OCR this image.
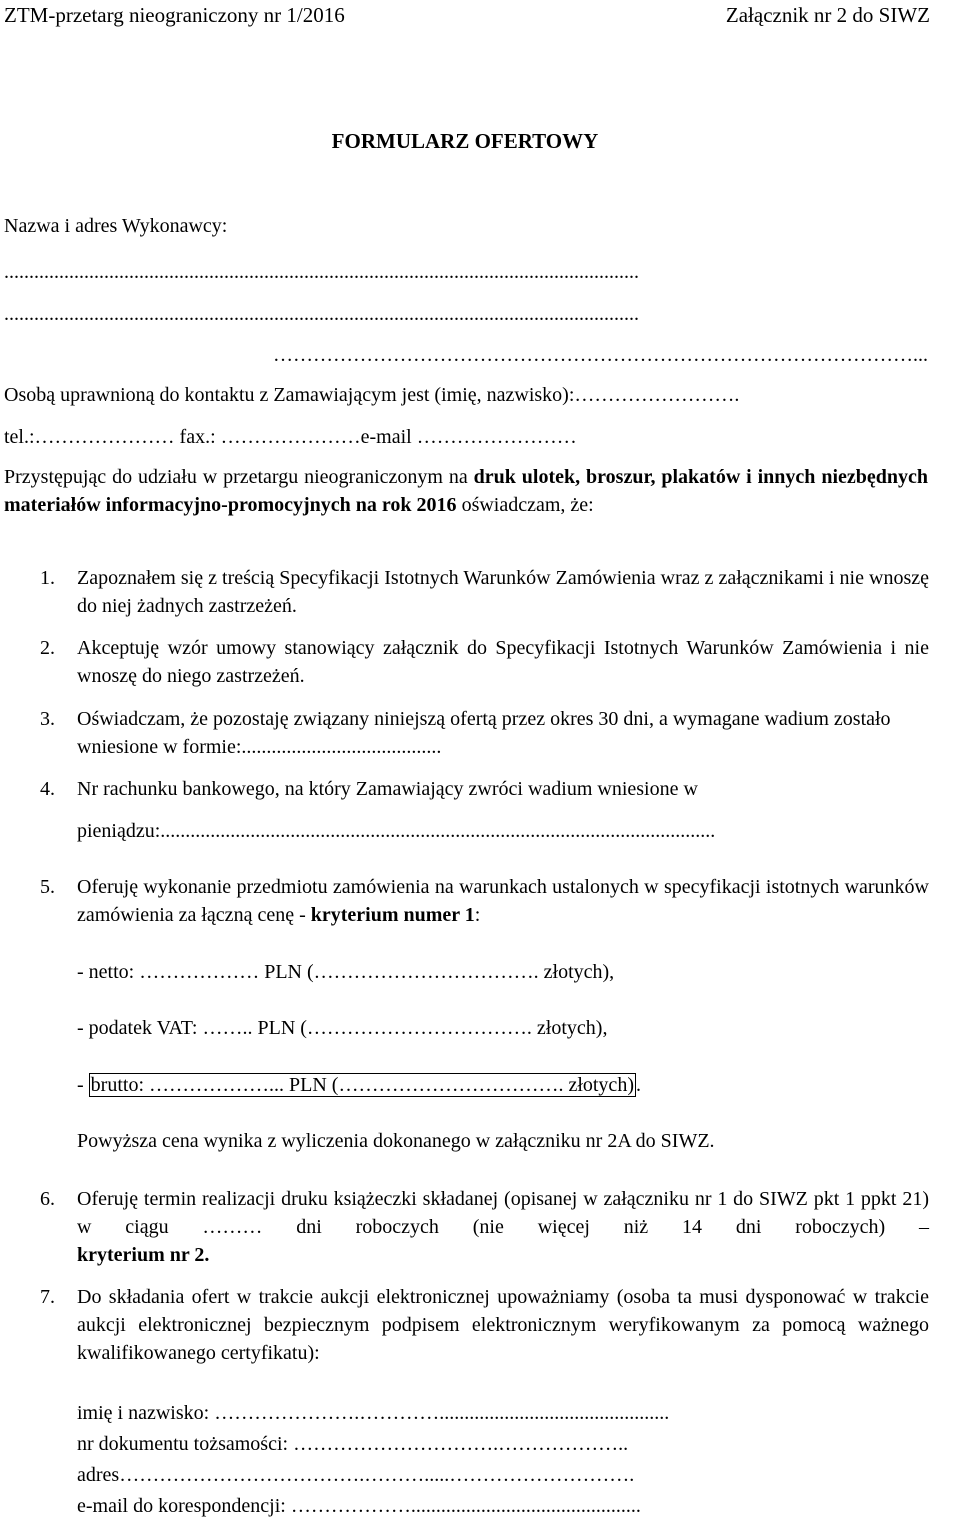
ZTM-przetarg nieograniczony nr 1/2016	Załącznik nr 2 do SIWZ
FORMULARZ OFERTOWY
Nazwa i adres Wykonawcy:
...............................................................................................................................
...............................................................................................................................
……………………………………………………………………………………...
Osobą uprawnioną do kontaktu z Zamawiającym jest (imię, nazwisko):…………………….
tel.:………………… fax.: …………………e-mail ……………………
Przystępując do udziału w przetargu nieograniczonym na druk ulotek, broszur, plakatów i innych niezbędnych materiałów informacyjno-promocyjnych na rok 2016 oświadczam, że:
1. Zapoznałem się z treścią Specyfikacji Istotnych Warunków Zamówienia wraz z załącznikami i nie wnoszę do niej żadnych zastrzeżeń.
2. Akceptuję wzór umowy stanowiący załącznik do Specyfikacji Istotnych Warunków Zamówienia i nie wnoszę do niego zastrzeżeń.
3. Oświadczam, że pozostaję związany niniejszą ofertą przez okres 30 dni, a wymagane wadium zostało wniesione w formie:........................................
4. Nr rachunku bankowego, na który Zamawiający zwróci wadium wniesione w
pieniądzu:...............................................................................................................
5. Oferuję wykonanie przedmiotu zamówienia na warunkach ustalonych w specyfikacji istotnych warunków zamówienia za łączną cenę - kryterium numer 1:
- netto: ……………… PLN (……………………………. złotych),
- podatek VAT: …….. PLN (……………………………. złotych),
- brutto: ………………... PLN (……………………………. złotych) .
Powyższa cena wynika z wyliczenia dokonanego w załączniku nr 2A do SIWZ.
6. Oferuję termin realizacji druku książeczki składanej (opisanej w załączniku nr 1 do SIWZ pkt 1 ppkt 21) w ciągu ……… dni roboczych (nie więcej niż 14 dni roboczych) –
kryterium nr 2.
7. Do składania ofert w trakcie aukcji elektronicznej upoważniamy (osoba ta musi dysponować w trakcie aukcji elektronicznej bezpiecznym podpisem elektronicznym weryfikowanym za pomocą ważnego kwalifikowanego certyfikatu):
imię i nazwisko: ………………….…………..............................................
nr dokumentu tożsamości: ………………………….………………..
adres……………………………….……….....……………………….
e-mail do korespondencji: ………………..............................................
